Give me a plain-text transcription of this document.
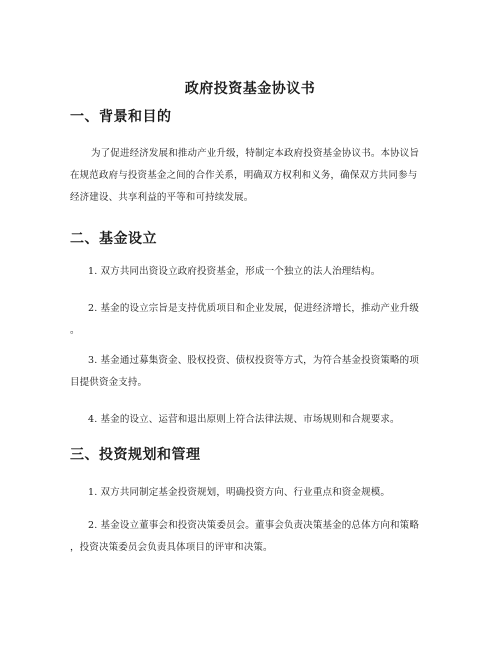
政府投资基金协议书
一、背景和目的
为了促进经济发展和推动产业升级，特制定本政府投资基金协议书。本协议旨
在规范政府与投资基金之间的合作关系，明确双方权利和义务，确保双方共同参与
经济建设、共享利益的平等和可持续发展。
二、基金设立
1. 双方共同出资设立政府投资基金，形成一个独立的法人治理结构。
2. 基金的设立宗旨是支持优质项目和企业发展，促进经济增长，推动产业升级
。
3. 基金通过募集资金、股权投资、债权投资等方式，为符合基金投资策略的项
目提供资金支持。
4. 基金的设立、运营和退出原则上符合法律法规、市场规则和合规要求。
三、投资规划和管理
1. 双方共同制定基金投资规划，明确投资方向、行业重点和资金规模。
2. 基金设立董事会和投资决策委员会。董事会负责决策基金的总体方向和策略
，投资决策委员会负责具体项目的评审和决策。
